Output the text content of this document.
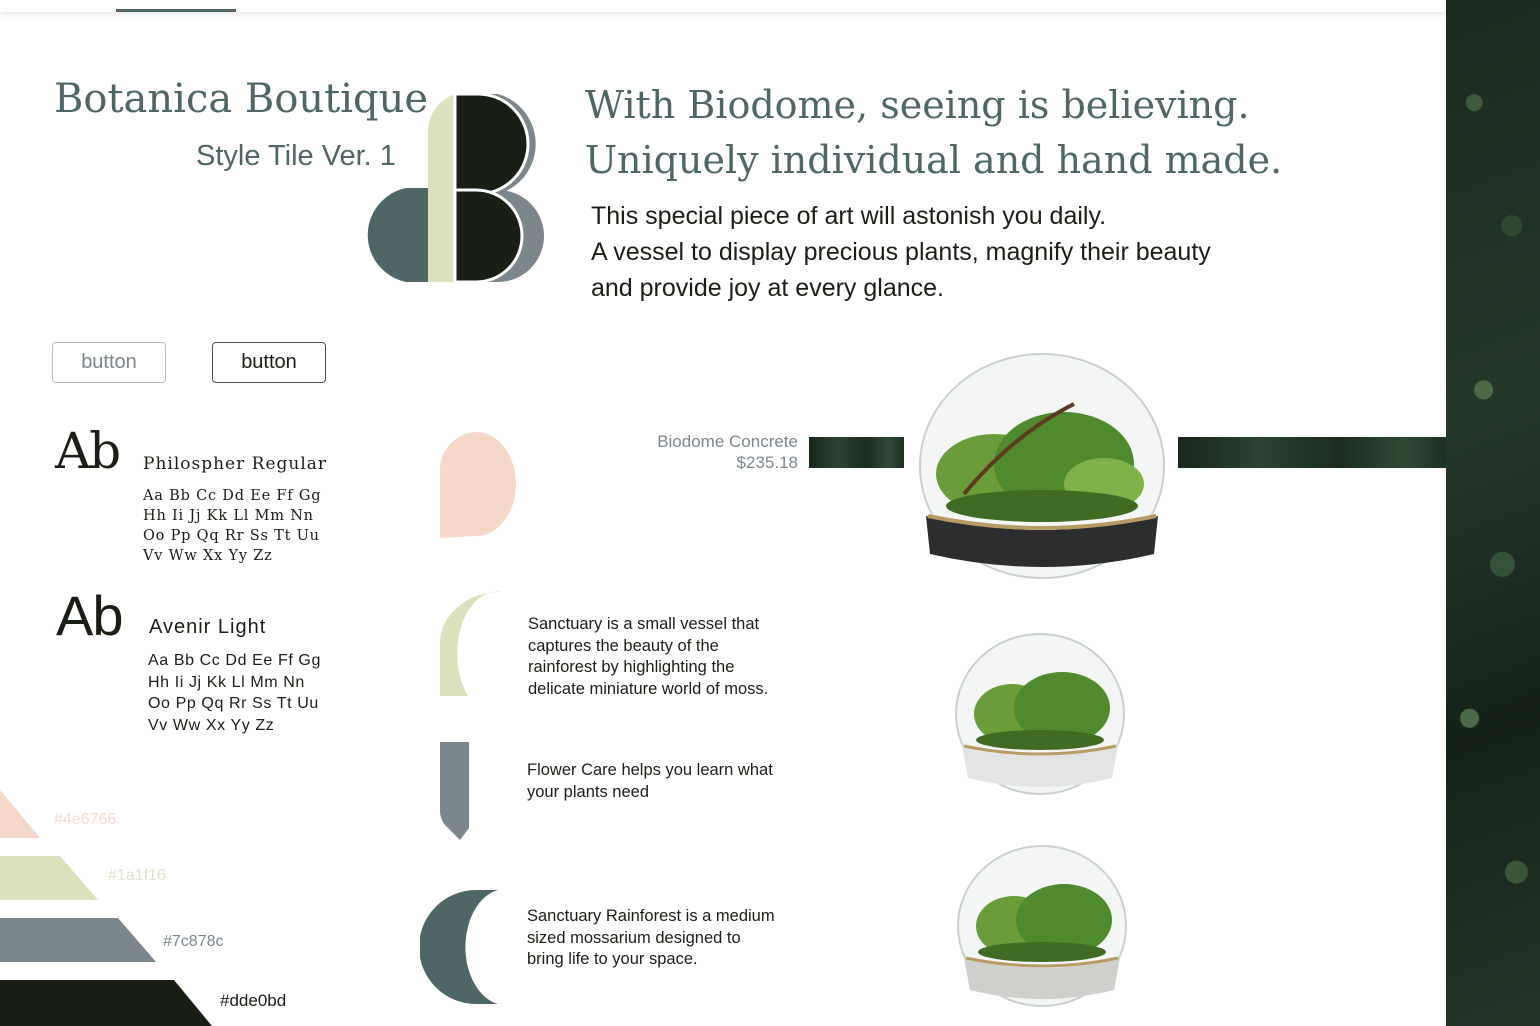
Botanica Boutique
Style Tile Ver. 1
With Biodome, seeing is believing.
Uniquely individual and hand made.
This special piece of art will astonish you daily.
A vessel to display precious plants, magnify their beauty
and provide joy at every glance.
button	button
Ab Philospher Regular
Aa Bb Cc Dd Ee Ff Gg
Hh Ii Jj Kk Ll Mm Nn
Oo Pp Qq Rr Ss Tt Uu
Vv Ww Xx Yy Zz
Ab Avenir Light
Aa Bb Cc Dd Ee Ff Gg
Hh Ii Jj Kk Ll Mm Nn
Oo Pp Qq Rr Ss Tt Uu
Vv Ww Xx Yy Zz
#4e6766
#1a1f16
#7c878c
#dde0bd
Biodome Concrete
$235.18
Sanctuary is a small vessel that
captures the beauty of the
rainforest by highlighting the
delicate miniature world of moss.
Flower Care helps you learn what
your plants need
Sanctuary Rainforest is a medium
sized mossarium designed to
bring life to your space.
